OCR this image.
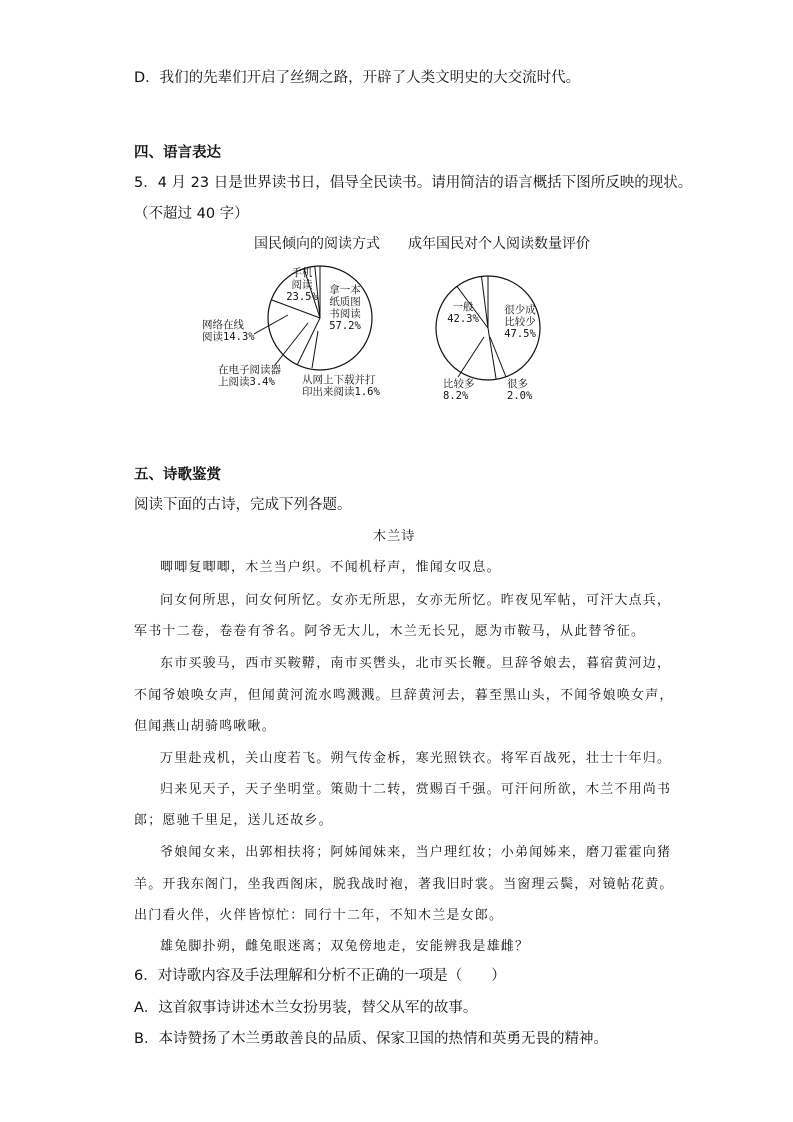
D．我们的先辈们开启了丝绸之路，开辟了人类文明史的大交流时代。
四、语言表达
5．4 月 23 日是世界读书日，倡导全民读书。请用简洁的语言概括下图所反映的现状。
（不超过 40 字）
国民倾向的阅读方式 成年国民对个人阅读数量评价
拿一本
纸质图
书阅读
57.2%
手机
阅读
23.5%
网络在线
阅读14.3%
在电子阅读器
上阅读3.4%	从网上下载并打
印出来阅读1.6%
很少成
比较少
47.5%
一般
42.3%
比较多
8.2%
很多
2.0%
五、诗歌鉴赏
阅读下面的古诗，完成下列各题。
木兰诗
唧唧复唧唧，木兰当户织。不闻机杼声，惟闻女叹息。
问女何所思，问女何所忆。女亦无所思，女亦无所忆。昨夜见军帖，可汗大点兵，
军书十二卷，卷卷有爷名。阿爷无大儿，木兰无长兄，愿为市鞍马，从此替爷征。
东市买骏马，西市买鞍鞯，南市买辔头，北市买长鞭。旦辞爷娘去，暮宿黄河边，
不闻爷娘唤女声，但闻黄河流水鸣溅溅。旦辞黄河去，暮至黑山头，不闻爷娘唤女声，
但闻燕山胡骑鸣啾啾。
万里赴戎机，关山度若飞。朔气传金柝，寒光照铁衣。将军百战死，壮士十年归。
归来见天子，天子坐明堂。策勋十二转，赏赐百千强。可汗问所欲，木兰不用尚书
郎；愿驰千里足，送儿还故乡。
爷娘闻女来，出郭相扶将；阿姊闻妹来，当户理红妆；小弟闻姊来，磨刀霍霍向猪
羊。开我东阁门，坐我西阁床，脱我战时袍，著我旧时裳。当窗理云鬓，对镜帖花黄。
出门看火伴，火伴皆惊忙：同行十二年，不知木兰是女郎。
雄兔脚扑朔，雌兔眼迷离；双兔傍地走，安能辨我是雄雌？
6．对诗歌内容及手法理解和分析不正确的一项是（　　）
A．这首叙事诗讲述木兰女扮男装，替父从军的故事。
B．本诗赞扬了木兰勇敢善良的品质、保家卫国的热情和英勇无畏的精神。
